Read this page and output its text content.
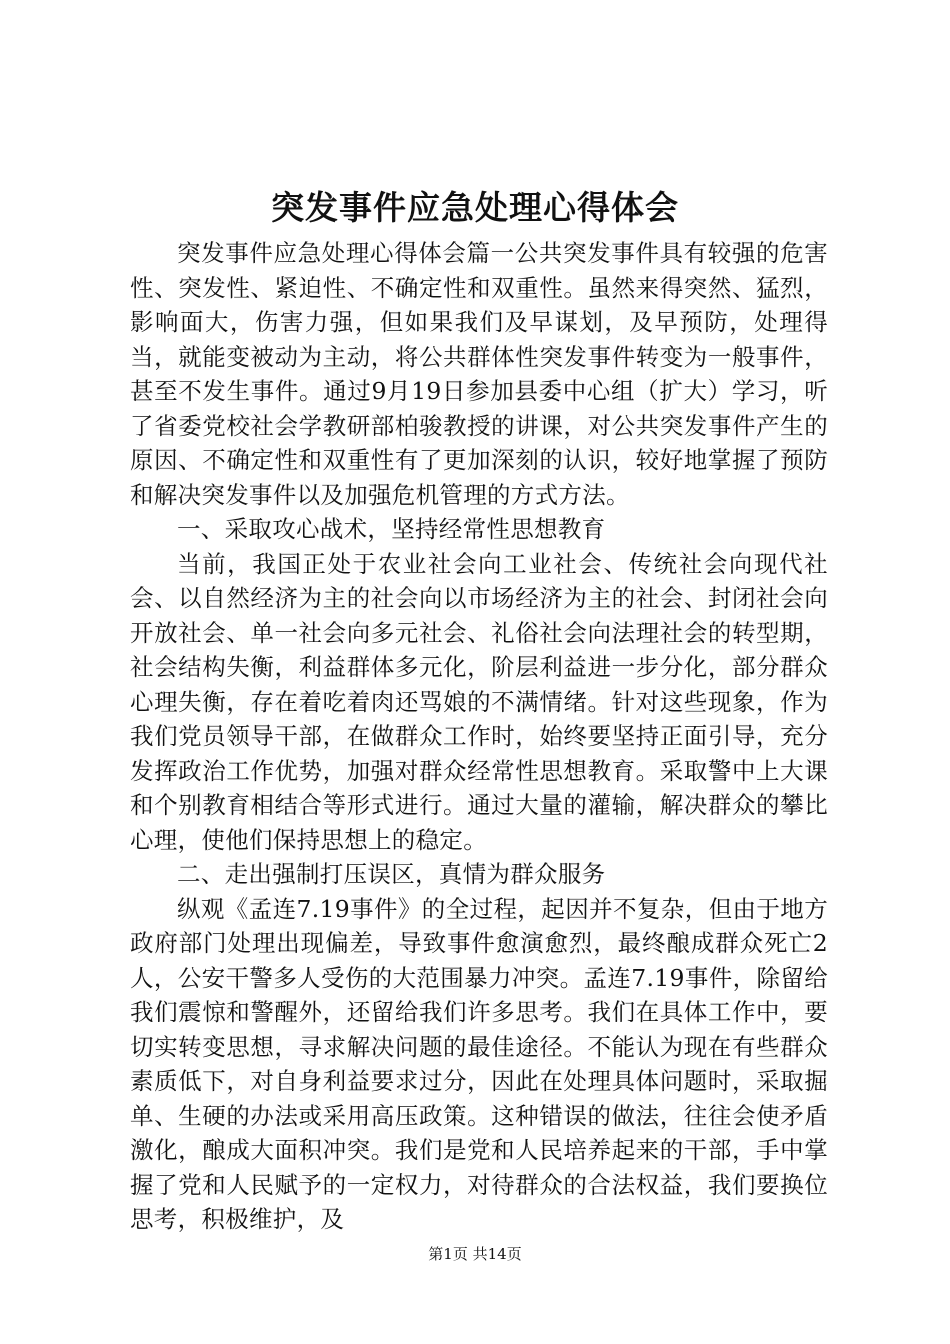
突发事件应急处理心得体会

突发事件应急处理心得体会篇一公共突发事件具有较强的危害性、突发性、紧迫性、不确定性和双重性。虽然来得突然、猛烈，影响面大，伤害力强，但如果我们及早谋划，及早预防，处理得当，就能变被动为主动，将公共群体性突发事件转变为一般事件，甚至不发生事件。通过9月19日参加县委中心组（扩大）学习，听了省委党校社会学教研部柏骏教授的讲课，对公共突发事件产生的原因、不确定性和双重性有了更加深刻的认识，较好地掌握了预防和解决突发事件以及加强危机管理的方式方法。

一、采取攻心战术，坚持经常性思想教育

当前，我国正处于农业社会向工业社会、传统社会向现代社会、以自然经济为主的社会向以市场经济为主的社会、封闭社会向开放社会、单一社会向多元社会、礼俗社会向法理社会的转型期，社会结构失衡，利益群体多元化，阶层利益进一步分化，部分群众心理失衡，存在着吃着肉还骂娘的不满情绪。针对这些现象，作为我们党员领导干部，在做群众工作时，始终要坚持正面引导，充分发挥政治工作优势，加强对群众经常性思想教育。采取警中上大课和个别教育相结合等形式进行。通过大量的灌输，解决群众的攀比心理，使他们保持思想上的稳定。

二、走出强制打压误区，真情为群众服务

纵观《孟连7.19事件》的全过程，起因并不复杂，但由于地方政府部门处理出现偏差，导致事件愈演愈烈，最终酿成群众死亡2人，公安干警多人受伤的大范围暴力冲突。孟连7.19事件，除留给我们震惊和警醒外，还留给我们许多思考。我们在具体工作中，要切实转变思想，寻求解决问题的最佳途径。不能认为现在有些群众素质低下，对自身利益要求过分，因此在处理具体问题时，采取掘单、生硬的办法或采用高压政策。这种错误的做法，往往会使矛盾激化，酿成大面积冲突。我们是党和人民培养起来的干部，手中掌握了党和人民赋予的一定权力，对待群众的合法权益，我们要换位思考，积极维护，及

第1页 共14页
